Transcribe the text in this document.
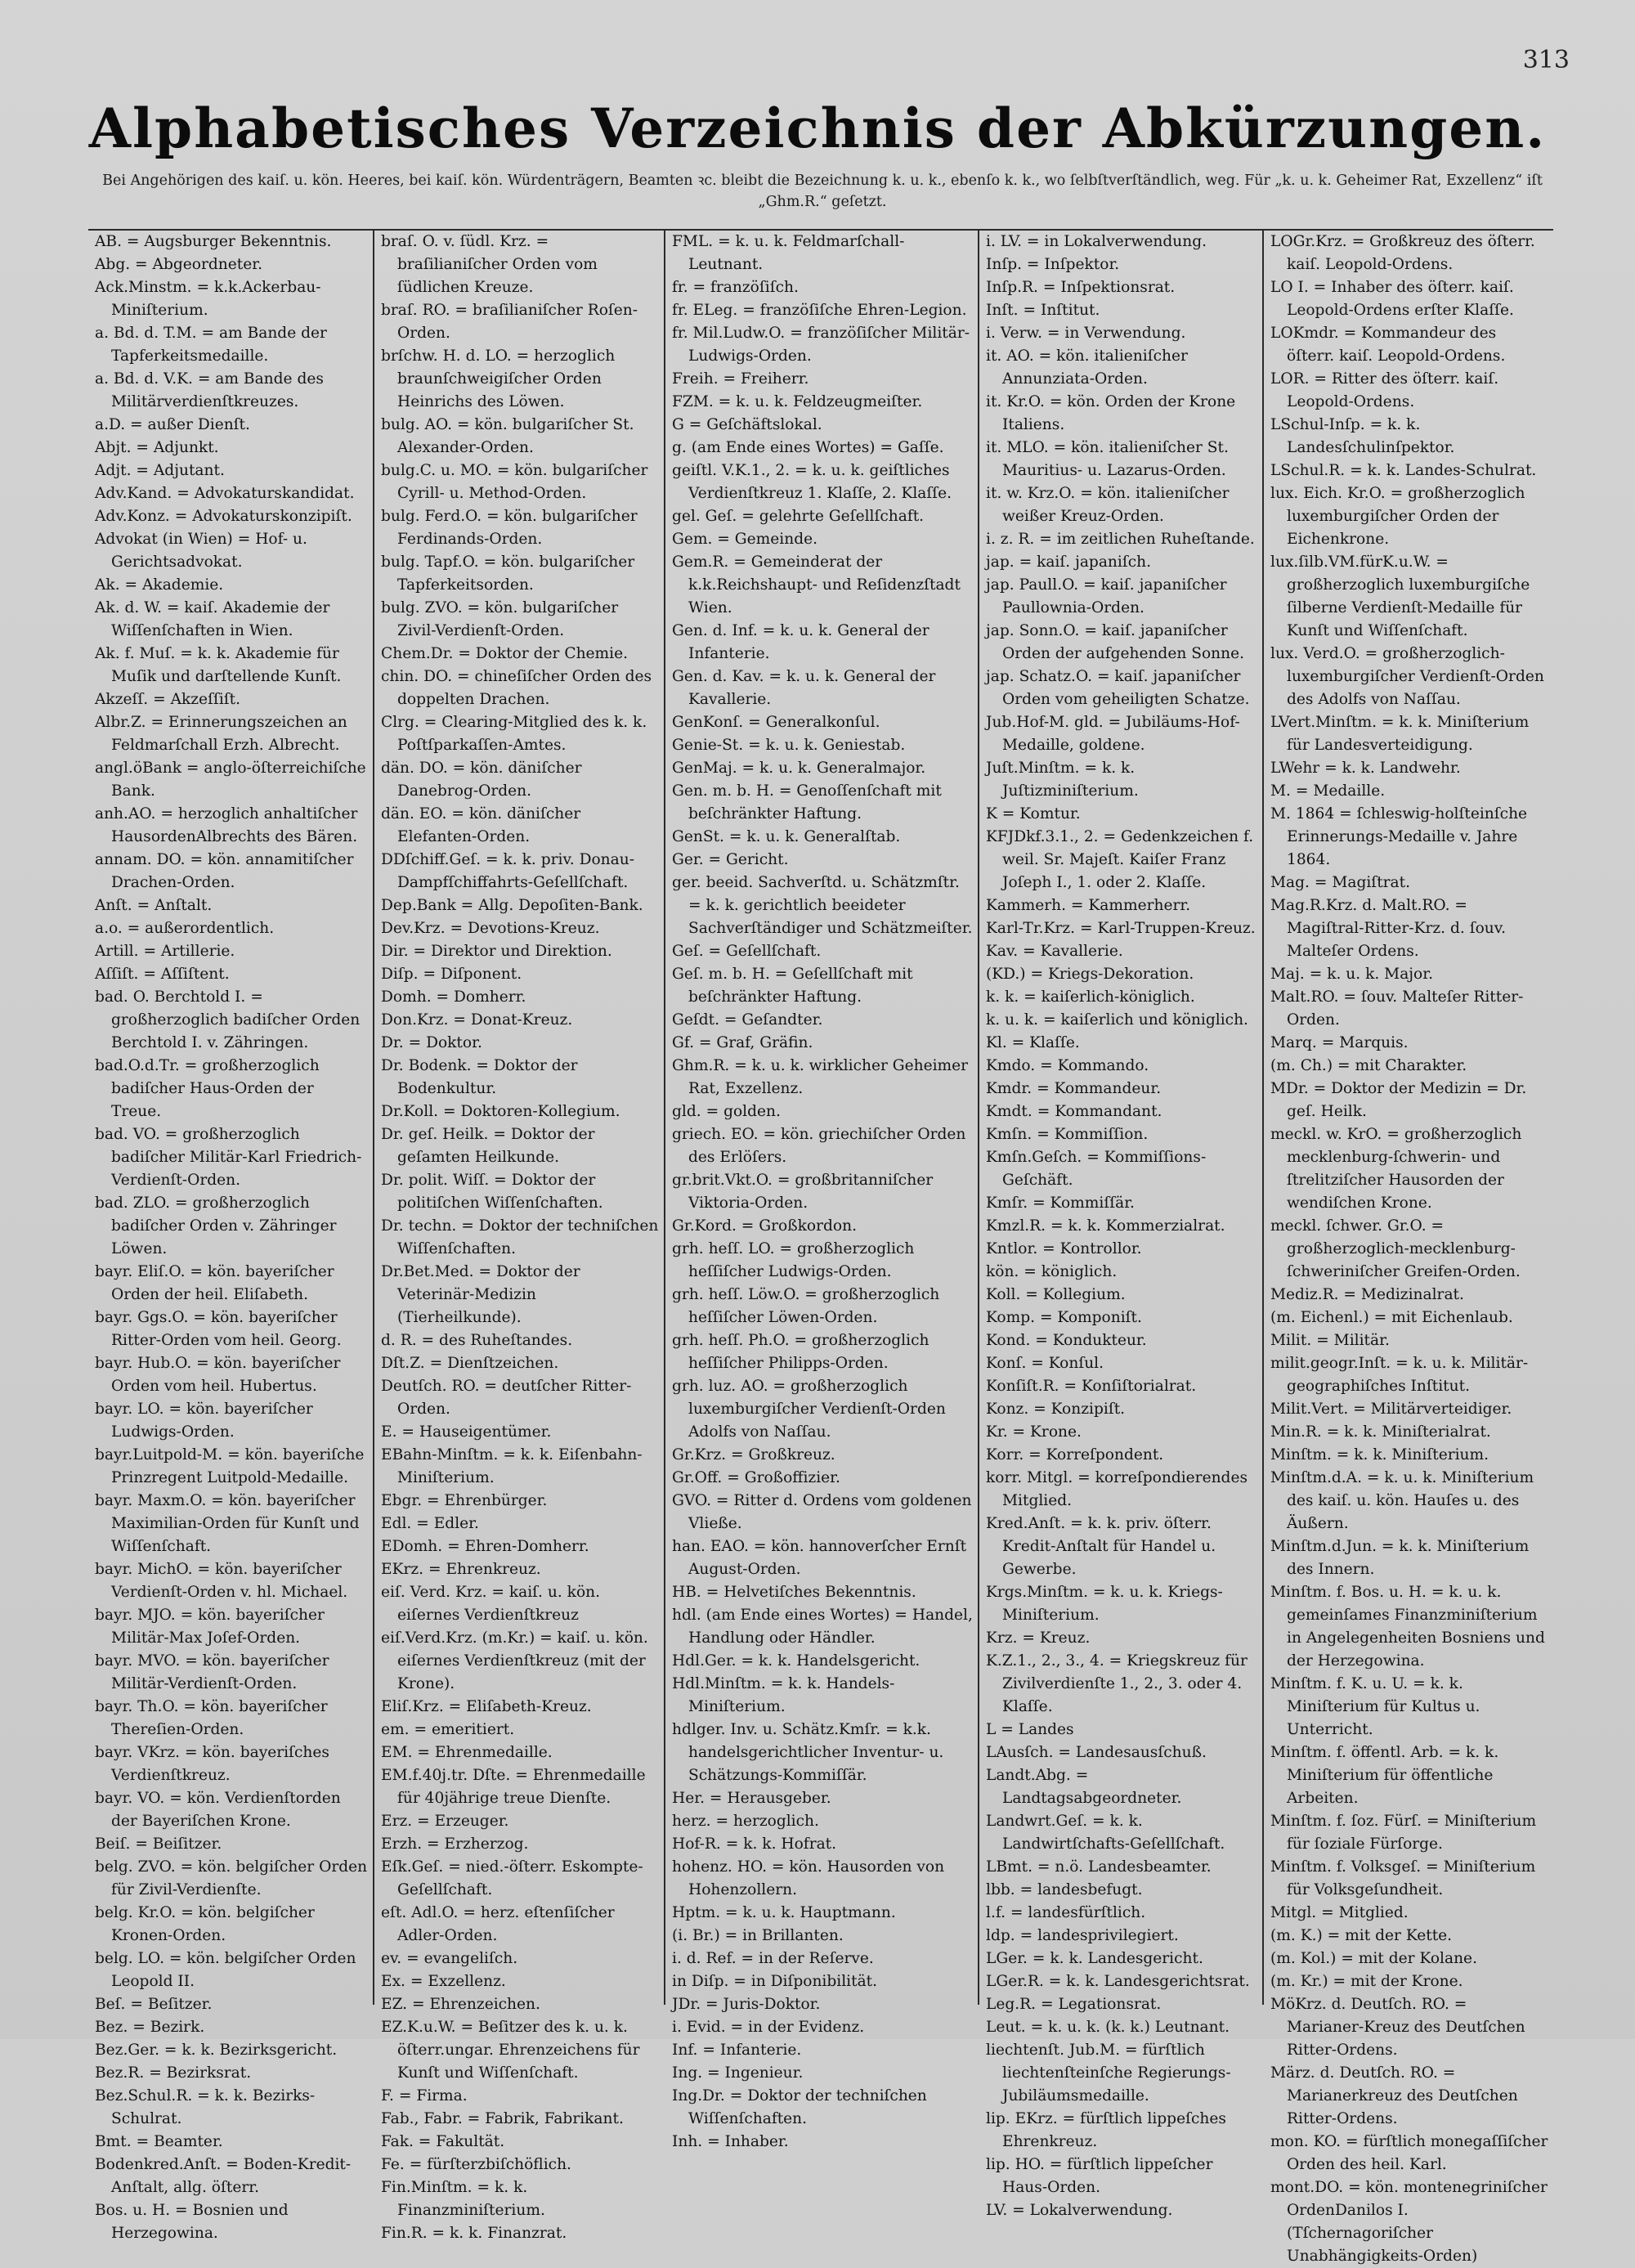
313
Alphabetisches Verzeichnis der Abkürzungen.
Bei Angehörigen des kaiſ. u. kön. Heeres, bei kaiſ. kön. Würdenträgern, Beamten ꝛc. bleibt die Bezeichnung k. u. k., ebenſo k. k., wo ſelbſtverſtändlich, weg. Für „k. u. k. Geheimer Rat, Exzellenz“ iſt „Ghm.R.“ geſetzt.

AB. = Augsburger Bekenntnis.

Abg. = Abgeordneter.

Ack.Minstm. = k.k.Ackerbau-Miniſterium.

a. Bd. d. T.M. = am Bande der Tapferkeitsmedaille.

a. Bd. d. V.K. = am Bande des Militärverdienſtkreuzes.

a.D. = außer Dienſt.

Abjt. = Adjunkt.

Adjt. = Adjutant.

Adv.Kand. = Advokaturskandidat.

Adv.Konz. = Advokaturskonzipiſt.

Advokat (in Wien) = Hof- u. Gerichtsadvokat.

Ak. = Akademie.

Ak. d. W. = kaiſ. Akademie der Wiſſenſchaften in Wien.

Ak. f. Muſ. = k. k. Akademie für Muſik und darſtellende Kunſt.

Akzeſſ. = Akzeſſiſt.

Albr.Z. = Erinnerungszeichen an Feldmarſchall Erzh. Albrecht.

angl.öBank = anglo-öſterreichiſche Bank.

anh.AO. = herzoglich anhaltiſcher HausordenAlbrechts des Bären.

annam. DO. = kön. annamitiſcher Drachen-Orden.

Anſt. = Anſtalt.

a.o. = außerordentlich.

Artill. = Artillerie.

Aſſiſt. = Aſſiſtent.

bad. O. Berchtold I. = großherzoglich badiſcher Orden Berchtold I. v. Zähringen.

bad.O.d.Tr. = großherzoglich badiſcher Haus-Orden der Treue.

bad. VO. = großherzoglich badiſcher Militär-Karl Friedrich-Verdienſt-Orden.

bad. ZLO. = großherzoglich badiſcher Orden v. Zähringer Löwen.

bayr. Eliſ.O. = kön. bayeriſcher Orden der heil. Eliſabeth.

bayr. Ggs.O. = kön. bayeriſcher Ritter-Orden vom heil. Georg.

bayr. Hub.O. = kön. bayeriſcher Orden vom heil. Hubertus.

bayr. LO. = kön. bayeriſcher Ludwigs-Orden.

bayr.Luitpold-M. = kön. bayeriſche Prinzregent Luitpold-Medaille.

bayr. Maxm.O. = kön. bayeriſcher Maximilian-Orden für Kunſt und Wiſſenſchaft.

bayr. MichO. = kön. bayeriſcher Verdienſt-Orden v. hl. Michael.

bayr. MJO. = kön. bayeriſcher Militär-Max Joſef-Orden.

bayr. MVO. = kön. bayeriſcher Militär-Verdienſt-Orden.

bayr. Th.O. = kön. bayeriſcher Thereſien-Orden.

bayr. VKrz. = kön. bayeriſches Verdienſtkreuz.

bayr. VO. = kön. Verdienſtorden der Bayeriſchen Krone.

Beiſ. = Beiſitzer.

belg. ZVO. = kön. belgiſcher Orden für Zivil-Verdienſte.

belg. Kr.O. = kön. belgiſcher Kronen-Orden.

belg. LO. = kön. belgiſcher Orden Leopold II.

Beſ. = Beſitzer.

Bez. = Bezirk.

Bez.Ger. = k. k. Bezirksgericht.

Bez.R. = Bezirksrat.

Bez.Schul.R. = k. k. Bezirks-Schulrat.

Bmt. = Beamter.

Bodenkred.Anſt. = Boden-Kredit-Anſtalt, allg. öſterr.

Bos. u. H. = Bosnien und Herzegowina.

braſ. O. v. ſüdl. Krz. = braſilianiſcher Orden vom ſüdlichen Kreuze.

braſ. RO. = braſilianiſcher Roſen-Orden.

brſchw. H. d. LO. = herzoglich braunſchweigiſcher Orden Heinrichs des Löwen.

bulg. AO. = kön. bulgariſcher St. Alexander-Orden.

bulg.C. u. MO. = kön. bulgariſcher Cyrill- u. Method-Orden.

bulg. Ferd.O. = kön. bulgariſcher Ferdinands-Orden.

bulg. Tapf.O. = kön. bulgariſcher Tapferkeitsorden.

bulg. ZVO. = kön. bulgariſcher Zivil-Verdienſt-Orden.

Chem.Dr. = Doktor der Chemie.

chin. DO. = chineſiſcher Orden des doppelten Drachen.

Clrg. = Clearing-Mitglied des k. k. Poſtſparkaſſen-Amtes.

dän. DO. = kön. däniſcher Danebrog-Orden.

dän. EO. = kön. däniſcher Elefanten-Orden.

DDſchiff.Geſ. = k. k. priv. Donau-Dampfſchiffahrts-Geſellſchaft.

Dep.Bank = Allg. Depoſiten-Bank.

Dev.Krz. = Devotions-Kreuz.

Dir. = Direktor und Direktion.

Diſp. = Diſponent.

Domh. = Domherr.

Don.Krz. = Donat-Kreuz.

Dr. = Doktor.

Dr. Bodenk. = Doktor der Bodenkultur.

Dr.Koll. = Doktoren-Kollegium.

Dr. geſ. Heilk. = Doktor der geſamten Heilkunde.

Dr. polit. Wiſſ. = Doktor der politiſchen Wiſſenſchaften.

Dr. techn. = Doktor der techniſchen Wiſſenſchaften.

Dr.Bet.Med. = Doktor der Veterinär-Medizin (Tierheilkunde).

d. R. = des Ruheſtandes.

Dſt.Z. = Dienſtzeichen.

Deutſch. RO. = deutſcher Ritter-Orden.

E. = Hauseigentümer.

EBahn-Minſtm. = k. k. Eiſenbahn-Miniſterium.

Ebgr. = Ehrenbürger.

Edl. = Edler.

EDomh. = Ehren-Domherr.

EKrz. = Ehrenkreuz.

eiſ. Verd. Krz. = kaiſ. u. kön. eiſernes Verdienſtkreuz

eiſ.Verd.Krz. (m.Kr.) = kaiſ. u. kön. eiſernes Verdienſtkreuz (mit der Krone).

Eliſ.Krz. = Eliſabeth-Kreuz.

em. = emeritiert.

EM. = Ehrenmedaille.

EM.f.40j.tr. Dſte. = Ehrenmedaille für 40jährige treue Dienſte.

Erz. = Erzeuger.

Erzh. = Erzherzog.

Eſk.Geſ. = nied.-öſterr. Eskompte-Geſellſchaft.

eſt. Adl.O. = herz. eſtenſiſcher Adler-Orden.

ev. = evangeliſch.

Ex. = Exzellenz.

EZ. = Ehrenzeichen.

EZ.K.u.W. = Beſitzer des k. u. k. öſterr.ungar. Ehrenzeichens für Kunſt und Wiſſenſchaft.

F. = Firma.

Fab., Fabr. = Fabrik, Fabrikant.

Fak. = Fakultät.

Fe. = fürſterzbiſchöflich.

Fin.Minſtm. = k. k. Finanzminiſterium.

Fin.R. = k. k. Finanzrat.

FML. = k. u. k. Feldmarſchall-Leutnant.

fr. = franzöſiſch.

fr. ELeg. = franzöſiſche Ehren-Legion.

fr. Mil.Ludw.O. = franzöſiſcher Militär-Ludwigs-Orden.

Freih. = Freiherr.

FZM. = k. u. k. Feldzeugmeiſter.

G = Geſchäftslokal.

g. (am Ende eines Wortes) = Gaſſe.

geiſtl. V.K.1., 2. = k. u. k. geiſtliches Verdienſtkreuz 1. Klaſſe, 2. Klaſſe.

gel. Geſ. = gelehrte Geſellſchaft.

Gem. = Gemeinde.

Gem.R. = Gemeinderat der k.k.Reichshaupt- und Reſidenzſtadt Wien.

Gen. d. Inf. = k. u. k. General der Infanterie.

Gen. d. Kav. = k. u. k. General der Kavallerie.

GenKonſ. = Generalkonſul.

Genie-St. = k. u. k. Geniestab.

GenMaj. = k. u. k. Generalmajor.

Gen. m. b. H. = Genoſſenſchaft mit beſchränkter Haftung.

GenSt. = k. u. k. Generalſtab.

Ger. = Gericht.

ger. beeid. Sachverſtd. u. Schätzmſtr. = k. k. gerichtlich beeideter Sachverſtändiger und Schätzmeiſter.

Geſ. = Geſellſchaft.

Geſ. m. b. H. = Geſellſchaft mit beſchränkter Haftung.

Geſdt. = Geſandter.

Gf. = Graf, Gräfin.

Ghm.R. = k. u. k. wirklicher Geheimer Rat, Exzellenz.

gld. = golden.

griech. EO. = kön. griechiſcher Orden des Erlöſers.

gr.brit.Vkt.O. = großbritanniſcher Viktoria-Orden.

Gr.Kord. = Großkordon.

grh. heſſ. LO. = großherzoglich heſſiſcher Ludwigs-Orden.

grh. heſſ. Löw.O. = großherzoglich heſſiſcher Löwen-Orden.

grh. heſſ. Ph.O. = großherzoglich heſſiſcher Philipps-Orden.

grh. luz. AO. = großherzoglich luxemburgiſcher Verdienſt-Orden Adolfs von Naſſau.

Gr.Krz. = Großkreuz.

Gr.Off. = Großoffizier.

GVO. = Ritter d. Ordens vom goldenen Vließe.

han. EAO. = kön. hannoverſcher Ernſt August-Orden.

HB. = Helvetiſches Bekenntnis.

hdl. (am Ende eines Wortes) = Handel, Handlung oder Händler.

Hdl.Ger. = k. k. Handelsgericht.

Hdl.Minſtm. = k. k. Handels-Miniſterium.

hdlger. Inv. u. Schätz.Kmſr. = k.k. handelsgerichtlicher Inventur- u. Schätzungs-Kommiſſär.

Her. = Herausgeber.

herz. = herzoglich.

Hof-R. = k. k. Hofrat.

hohenz. HO. = kön. Hausorden von Hohenzollern.

Hptm. = k. u. k. Hauptmann.

(i. Br.) = in Brillanten.

i. d. Ref. = in der Reſerve.

in Diſp. = in Diſponibilität.

JDr. = Juris-Doktor.

i. Evid. = in der Evidenz.

Inf. = Infanterie.

Ing. = Ingenieur.

Ing.Dr. = Doktor der techniſchen Wiſſenſchaften.

Inh. = Inhaber.

i. LV. = in Lokalverwendung.

Inſp. = Inſpektor.

Inſp.R. = Inſpektionsrat.

Inſt. = Inſtitut.

i. Verw. = in Verwendung.

it. AO. = kön. italieniſcher Annunziata-Orden.

it. Kr.O. = kön. Orden der Krone Italiens.

it. MLO. = kön. italieniſcher St. Mauritius- u. Lazarus-Orden.

it. w. Krz.O. = kön. italieniſcher weißer Kreuz-Orden.

i. z. R. = im zeitlichen Ruheſtande.

jap. = kaiſ. japaniſch.

jap. Paull.O. = kaiſ. japaniſcher Paullownia-Orden.

jap. Sonn.O. = kaiſ. japaniſcher Orden der aufgehenden Sonne.

jap. Schatz.O. = kaiſ. japaniſcher Orden vom geheiligten Schatze.

Jub.Hof-M. gld. = Jubiläums-Hof-Medaille, goldene.

Juſt.Minſtm. = k. k. Juſtizminiſterium.

K = Komtur.

KFJDkf.3.1., 2. = Gedenkzeichen f. weil. Sr. Majeſt. Kaiſer Franz Joſeph I., 1. oder 2. Klaſſe.

Kammerh. = Kammerherr.

Karl-Tr.Krz. = Karl-Truppen-Kreuz.

Kav. = Kavallerie.

(KD.) = Kriegs-Dekoration.

k. k. = kaiſerlich-königlich.

k. u. k. = kaiſerlich und königlich.

Kl. = Klaſſe.

Kmdo. = Kommando.

Kmdr. = Kommandeur.

Kmdt. = Kommandant.

Kmſn. = Kommiſſion.

Kmſn.Geſch. = Kommiſſions-Geſchäft.

Kmſr. = Kommiſſär.

Kmzl.R. = k. k. Kommerzialrat.

Kntlor. = Kontrollor.

kön. = königlich.

Koll. = Kollegium.

Komp. = Komponiſt.

Kond. = Kondukteur.

Konſ. = Konſul.

Konſiſt.R. = Konſiſtorialrat.

Konz. = Konzipiſt.

Kr. = Krone.

Korr. = Korreſpondent.

korr. Mitgl. = korreſpondierendes Mitglied.

Kred.Anſt. = k. k. priv. öſterr. Kredit-Anſtalt für Handel u. Gewerbe.

Krgs.Minſtm. = k. u. k. Kriegs-Miniſterium.

Krz. = Kreuz.

K.Z.1., 2., 3., 4. = Kriegskreuz für Zivilverdienſte 1., 2., 3. oder 4. Klaſſe.

L = Landes

LAusſch. = Landesausſchuß.

Landt.Abg. = Landtagsabgeordneter.

Landwrt.Geſ. = k. k. Landwirtſchafts-Geſellſchaft.

LBmt. = n.ö. Landesbeamter.

lbb. = landesbefugt.

l.f. = landesfürſtlich.

ldp. = landesprivilegiert.

LGer. = k. k. Landesgericht.

LGer.R. = k. k. Landesgerichtsrat.

Leg.R. = Legationsrat.

Leut. = k. u. k. (k. k.) Leutnant.

liechtenſt. Jub.M. = fürſtlich liechtenſteinſche Regierungs-Jubiläumsmedaille.

lip. EKrz. = fürſtlich lippeſches Ehrenkreuz.

lip. HO. = fürſtlich lippeſcher Haus-Orden.

LV. = Lokalverwendung.

LOGr.Krz. = Großkreuz des öſterr. kaiſ. Leopold-Ordens.

LO I. = Inhaber des öſterr. kaiſ. Leopold-Ordens erſter Klaſſe.

LOKmdr. = Kommandeur des öſterr. kaiſ. Leopold-Ordens.

LOR. = Ritter des öſterr. kaiſ. Leopold-Ordens.

LSchul-Inſp. = k. k. Landesſchulinſpektor.

LSchul.R. = k. k. Landes-Schulrat.

lux. Eich. Kr.O. = großherzoglich luxemburgiſcher Orden der Eichenkrone.

lux.ſilb.VM.fürK.u.W. = großherzoglich luxemburgiſche ſilberne Verdienſt-Medaille für Kunſt und Wiſſenſchaft.

lux. Verd.O. = großherzoglich-luxemburgiſcher Verdienſt-Orden des Adolfs von Naſſau.

LVert.Minſtm. = k. k. Miniſterium für Landesverteidigung.

LWehr = k. k. Landwehr.

M. = Medaille.

M. 1864 = ſchleswig-holſteinſche Erinnerungs-Medaille v. Jahre 1864.

Mag. = Magiſtrat.

Mag.R.Krz. d. Malt.RO. = Magiſtral-Ritter-Krz. d. ſouv. Malteſer Ordens.

Maj. = k. u. k. Major.

Malt.RO. = ſouv. Malteſer Ritter-Orden.

Marq. = Marquis.

(m. Ch.) = mit Charakter.

MDr. = Doktor der Medizin = Dr. geſ. Heilk.

meckl. w. KrO. = großherzoglich mecklenburg-ſchwerin- und ſtrelitziſcher Hausorden der wendiſchen Krone.

meckl. ſchwer. Gr.O. = großherzoglich-mecklenburg-ſchweriniſcher Greifen-Orden.

Mediz.R. = Medizinalrat.

(m. Eichenl.) = mit Eichenlaub.

Milit. = Militär.

milit.geogr.Inſt. = k. u. k. Militär-geographiſches Inſtitut.

Milit.Vert. = Militärverteidiger.

Min.R. = k. k. Miniſterialrat.

Minſtm. = k. k. Miniſterium.

Minſtm.d.A. = k. u. k. Miniſterium des kaiſ. u. kön. Hauſes u. des Äußern.

Minſtm.d.Jun. = k. k. Miniſterium des Innern.

Minſtm. f. Bos. u. H. = k. u. k. gemeinſames Finanzminiſterium in Angelegenheiten Bosniens und der Herzegowina.

Minſtm. f. K. u. U. = k. k. Miniſterium für Kultus u. Unterricht.

Minſtm. f. öffentl. Arb. = k. k. Miniſterium für öffentliche Arbeiten.

Minſtm. f. ſoz. Fürſ. = Miniſterium für ſoziale Fürſorge.

Minſtm. f. Volksgeſ. = Miniſterium für Volksgeſundheit.

Mitgl. = Mitglied.

(m. K.) = mit der Kette.

(m. Kol.) = mit der Kolane.

(m. Kr.) = mit der Krone.

MöKrz. d. Deutſch. RO. = Marianer-Kreuz des Deutſchen Ritter-Ordens.

März. d. Deutſch. RO. = Marianerkreuz des Deutſchen Ritter-Ordens.

mon. KO. = fürſtlich monegaſſiſcher Orden des heil. Karl.

mont.DO. = kön. montenegriniſcher OrdenDanilos I. (Tſchernagoriſcher Unabhängigkeits-Orden)
